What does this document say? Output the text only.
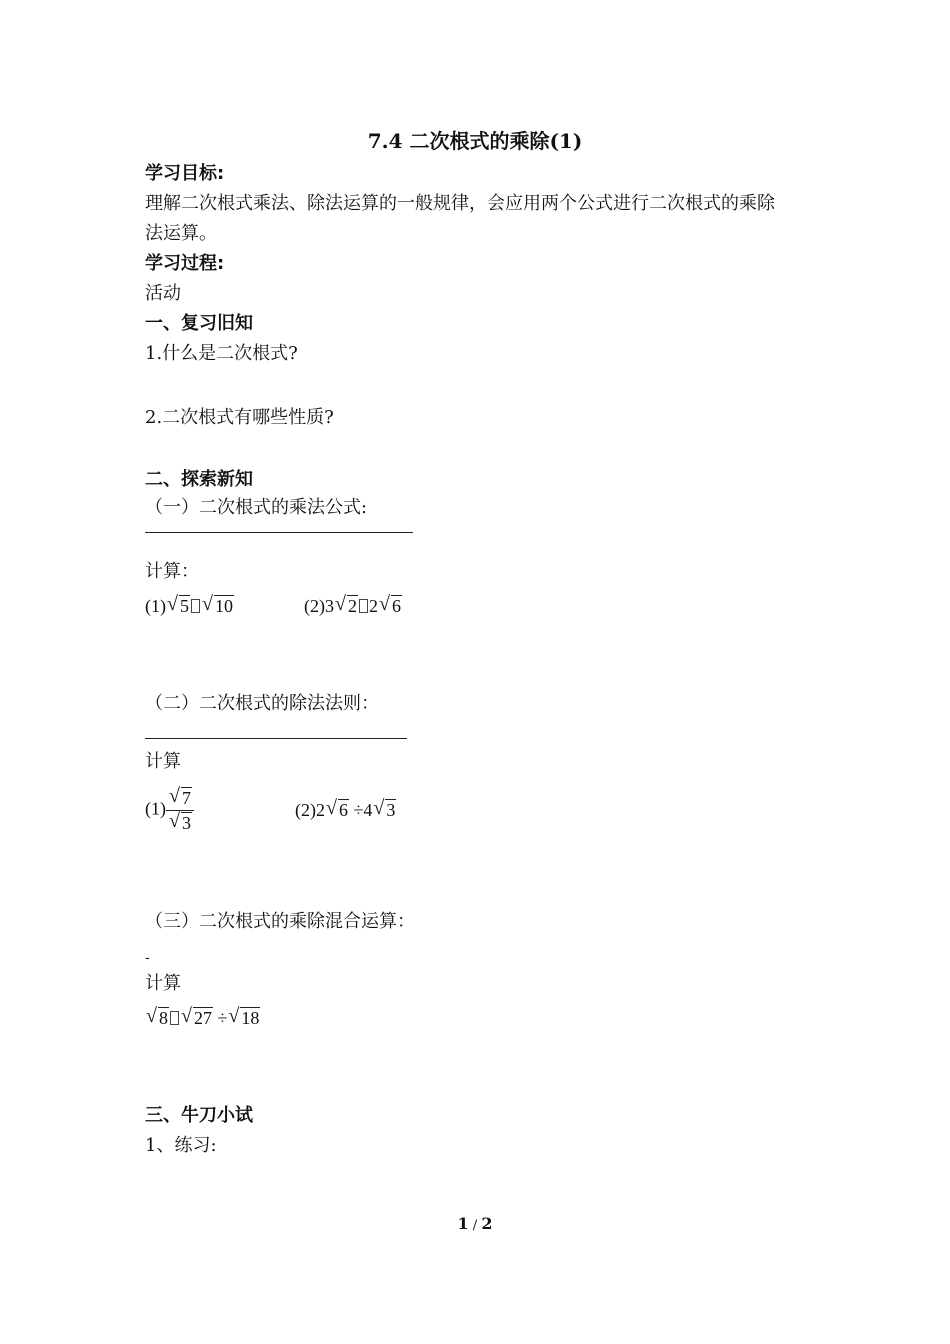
7.4 二次根式的乘除(1)
学习目标:
理解二次根式乘法、除法运算的一般规律，会应用两个公式进行二次根式的乘除
法运算。
学习过程:
活动
一、复习旧知
1.什么是二次根式?
2.二次根式有哪些性质?
二、探索新知
（一）二次根式的乘法公式:
计算：
(1) √ 5 √ 10	(2)3 √ 2 2 √ 6
（二）二次根式的除法法则：
计算
(1) √ 7
√ 3	(2)2 √ 6 ÷4 √ 3
（三）二次根式的乘除混合运算：
-
计算
√ 8 √ 27 ÷ √ 18
三、牛刀小试
1、练习:
1 / 2
